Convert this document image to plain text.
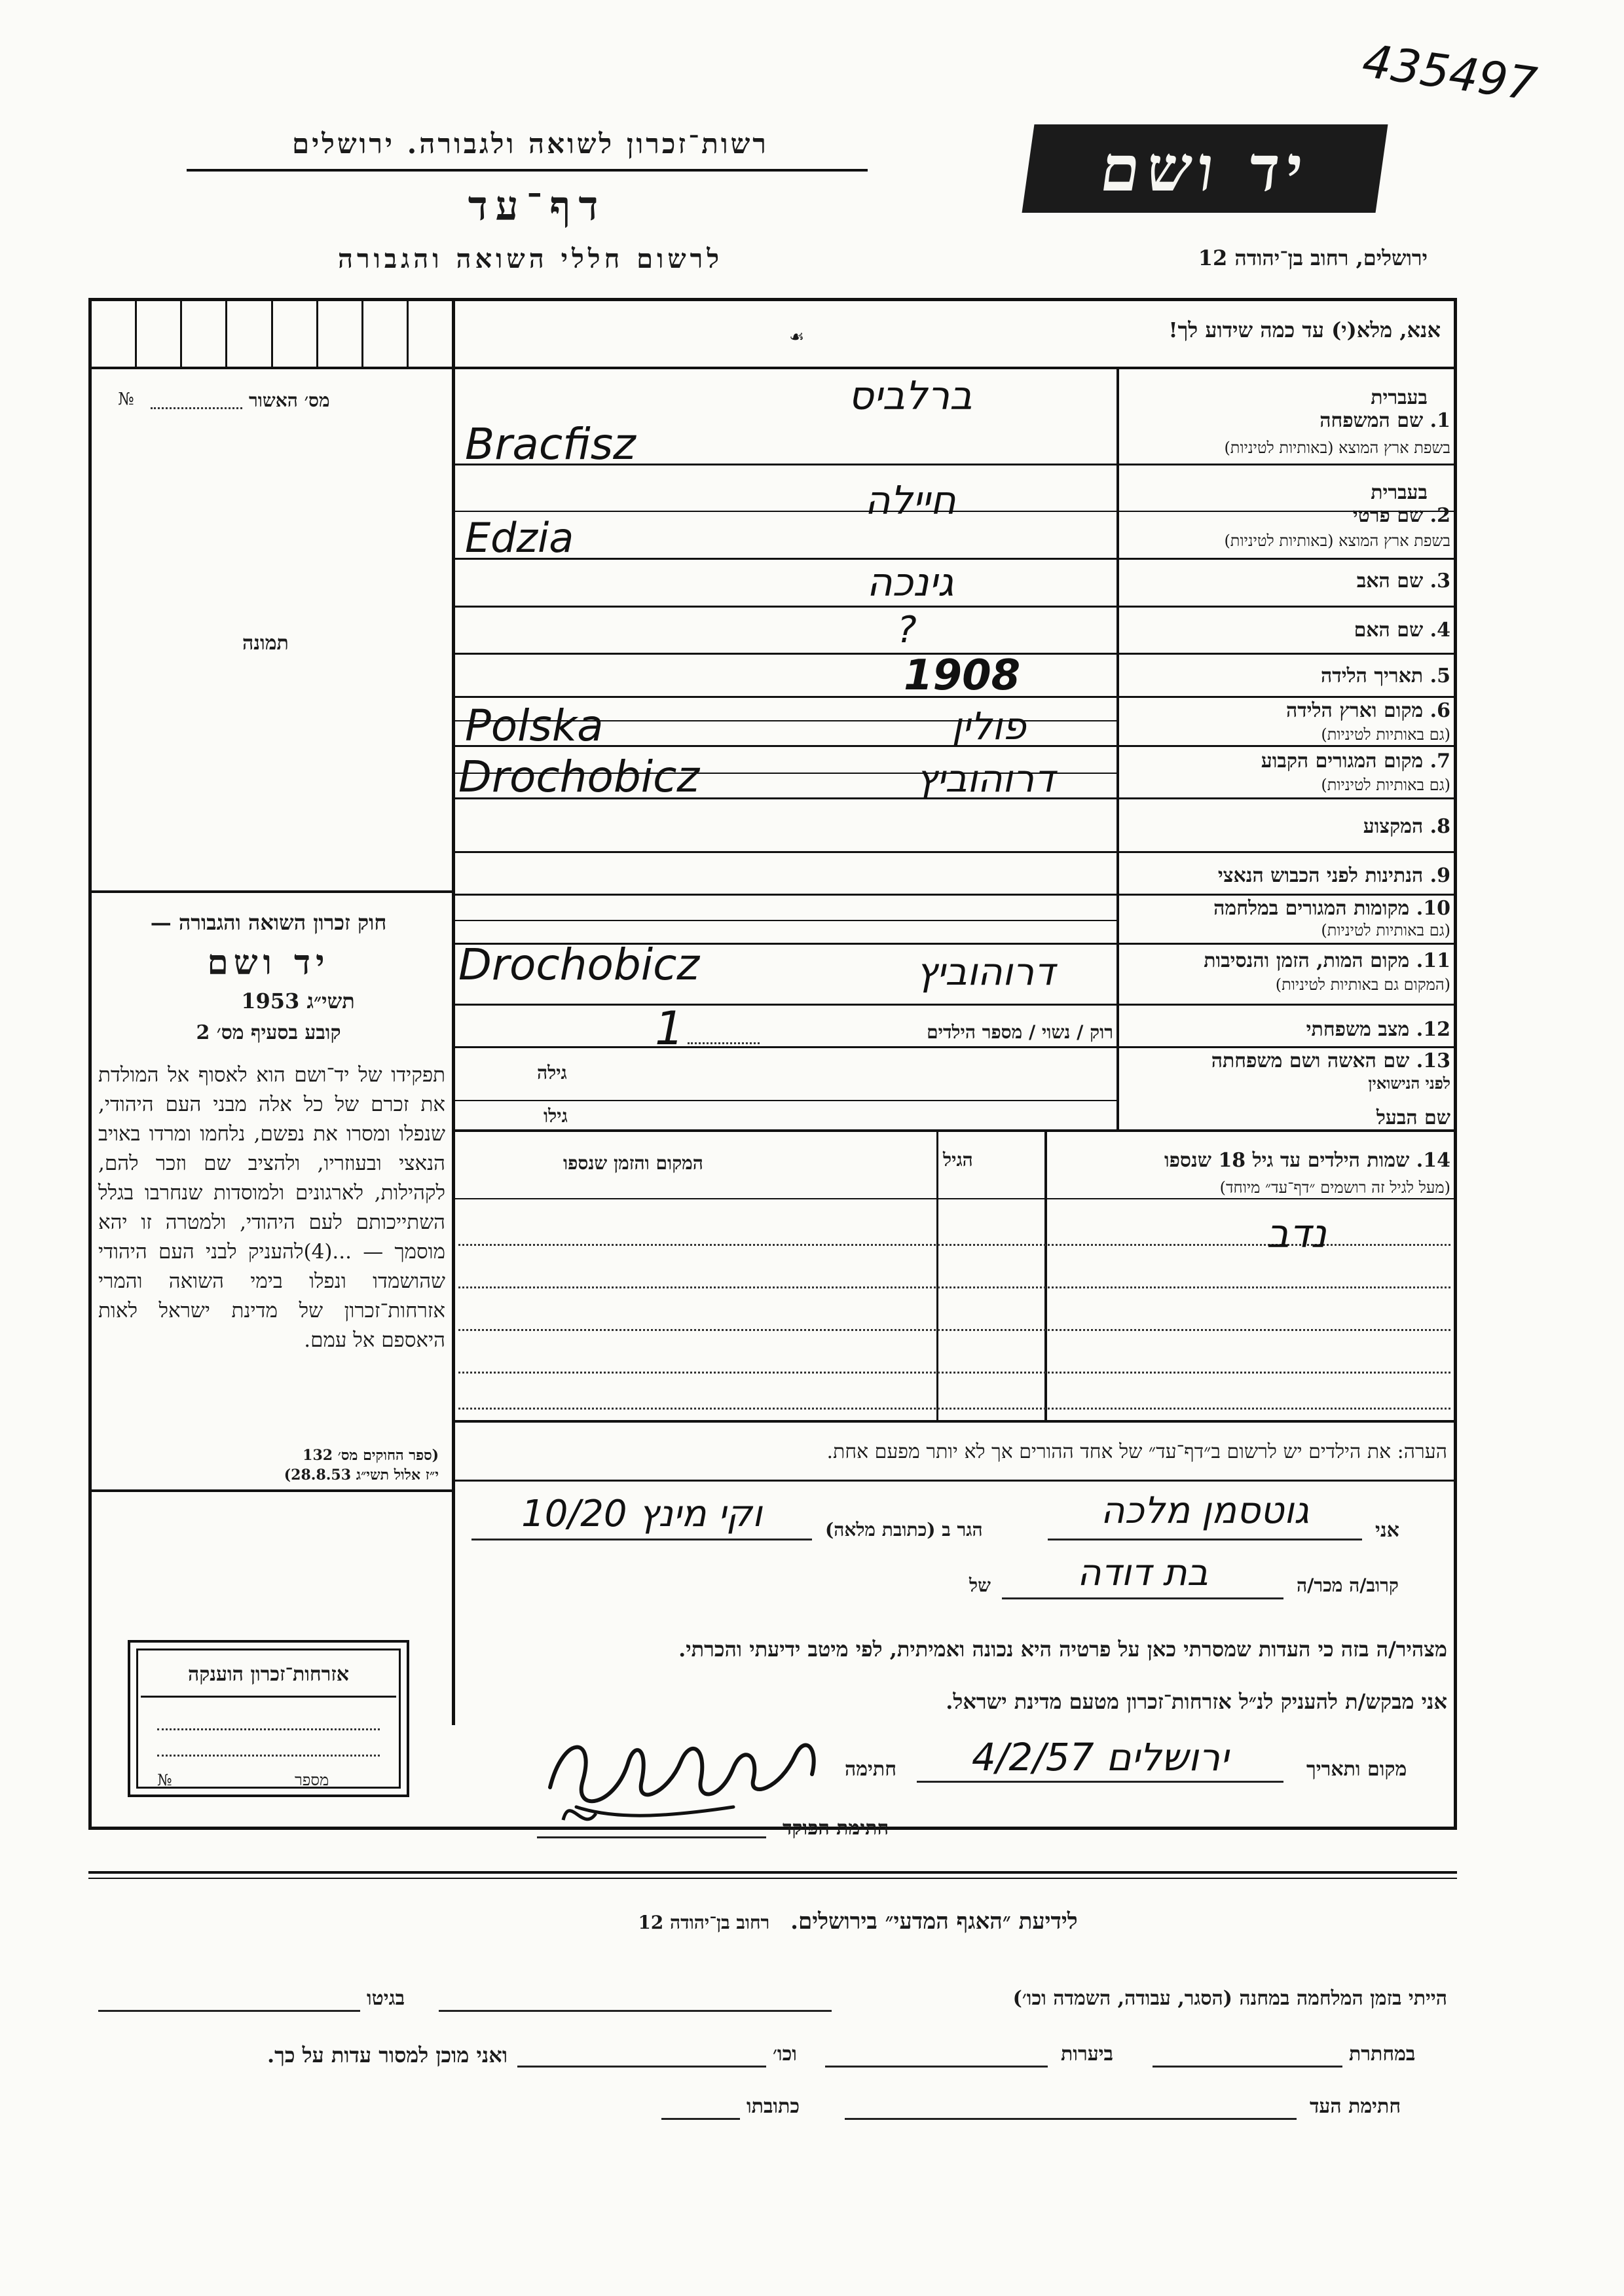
435497
יד ושם
רשות־זכרון לשואה ולגבורה. ירושלים
דף־עד
לרשום חללי השואה והגבורה	ירושלים, רחוב בן־יהודה 12
אנא, מלא(י) עד כמה שידוע לך!
☙
מס׳ האשור
№
תמונה
חוק זכרון השואה והגבורה —
יד ושם
תשי״ג 1953
קובע בסעיף מס׳ 2
תפקידו של יד־ושם הוא לאסוף אל המולדת את זכרם של כל אלה מבני העם היהודי, שנפלו ומסרו את נפשם, נלחמו ומרדו באויב הנאצי ובעוזריו, ולהציב שם וזכר להם, לקהילות, לארגונים ולמוסדות שנחרבו בגלל השתייכותם לעם היהודי, ולמטרה זו יהא מוסמך — ...(4)להעניק לבני העם היהודי שהושמדו ונפלו בימי השואה והמרי אזרחות־זכרון של מדינת ישראל לאות היאספם אל עמם.
(ספר החוקים מס׳ 132
י״ז אלול תשי״ג 28.8.53)
אזרחות־זכרון הוענקה
מספר
№
בעברית
1. שם המשפחה
בשפת ארץ המוצא (באותיות לטיניות)
ברלביס
Bracfisz
בעברית
2. שם פרטי
בשפת ארץ המוצא (באותיות לטיניות)
חיילה
Edzia
3. שם האב
גינכה
4. שם האם
?
5. תאריך הלידה
1908
6. מקום וארץ הלידה
(גם באותיות לטיניות)
Polska	פולין
7. מקום המגורים הקבוע
(גם באותיות לטיניות)
Drochobicz	דרוהוביץ
8. המקצוע
9. הנתינות לפני הכבוש הנאצי
10. מקומות המגורים במלחמה
(גם באותיות לטיניות)
11. מקום המות, הזמן והנסיבות
(המקום גם באותיות לטיניות)
Drochobicz	דרוהוביץ
12. מצב משפחתי
רוק / נשוי / מספר הילדים
1
13. שם האשה ושם משפחתה
לפני הנישואין
גילה
שם הבעל
גילו
14. שמות הילדים עד גיל 18 שנספו
(מעל לגיל זה רושמים ״דף־עד״ מיוחד)
הגיל
המקום והזמן שנספו
נדב
הערה: את הילדים יש לרשום ב״דף־עד״ של אחד ההורים אך לא יותר מפעם אחת.
אני
גוטסמן מלכה
הגר ב (כתובת מלאה)
וקי מינץ 10/20
קרוב/ה מכר/ה
בת דודה
של
מצהיר/ה בזה כי העדות שמסרתי כאן על פרטיה היא נכונה ואמיתית, לפי מיטב ידיעתי והכרתי.
אני מבקש/ת להעניק לנ״ל אזרחות־זכרון מטעם מדינת ישראל.
מקום ותאריך
ירושלים 4/2/57
חתימה
חתימת הפוקד
לידיעת ״האגף המדעי״ בירושלים. רחוב בן־יהודה 12
הייתי בזמן המלחמה במחנה (הסגר, עבודה, השמדה וכו׳)
בגיטו
במחתרת
ביערות
וכו׳
ואני מוכן למסור עדות על כך.
חתימת העד
כתובתו
